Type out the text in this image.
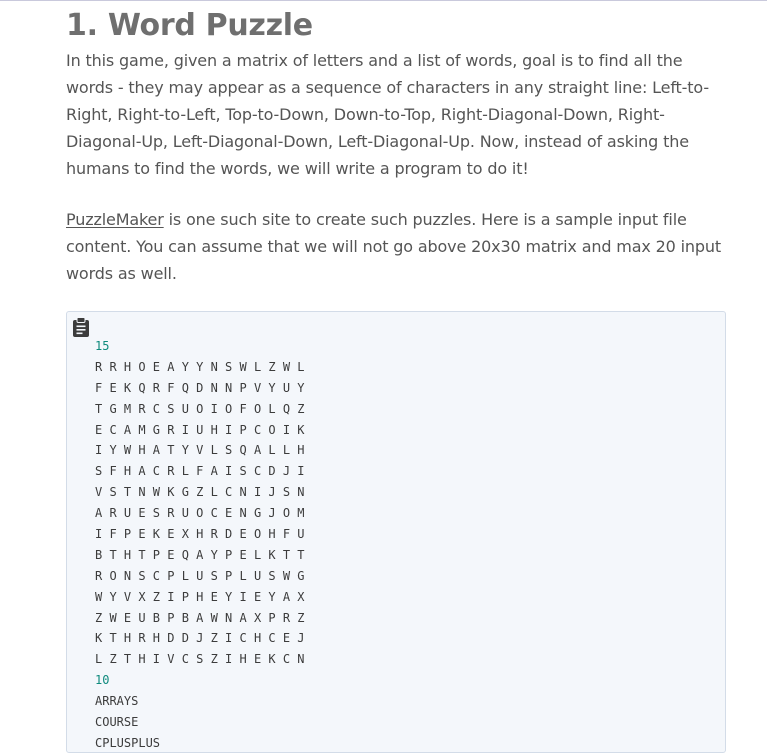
1. Word Puzzle

In this game, given a matrix of letters and a list of words, goal is to find all the words - they may appear as a sequence of characters in any straight line: Left-to-Right, Right-to-Left, Top-to-Down, Down-to-Top, Right-Diagonal-Down, Right-Diagonal-Up, Left-Diagonal-Down, Left-Diagonal-Up. Now, instead of asking the humans to find the words, we will write a program to do it!

PuzzleMaker is one such site to create such puzzles. Here is a sample input file content. You can assume that we will not go above 20x30 matrix and max 20 input words as well.

15
R R H O E A Y Y N S W L Z W L
F E K Q R F Q D N N P V Y U Y
T G M R C S U O I O F O L Q Z
E C A M G R I U H I P C O I K
I Y W H A T Y V L S Q A L L H
S F H A C R L F A I S C D J I
V S T N W K G Z L C N I J S N
A R U E S R U O C E N G J O M
I F P E K E X H R D E O H F U
B T H T P E Q A Y P E L K T T
R O N S C P L U S P L U S W G
W Y V X Z I P H E Y I E Y A X
Z W E U B P B A W N A X P R Z
K T H R H D D J Z I C H C E J
L Z T H I V C S Z I H E K C N
10
ARRAYS
COURSE
CPLUSPLUS
